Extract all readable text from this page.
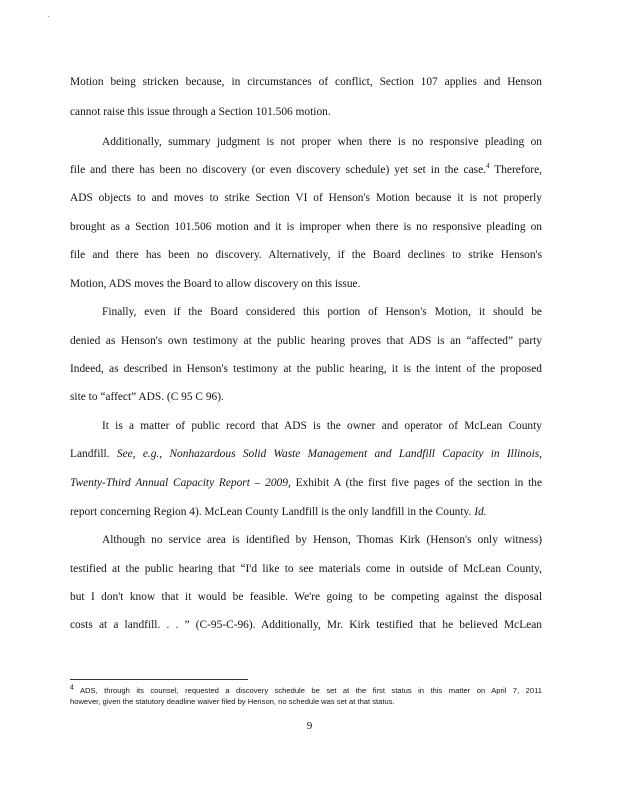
Motion being stricken because, in circumstances of conflict, Section 107 applies and Henson
cannot raise this issue through a Section 101.506 motion.
Additionally, summary judgment is not proper when there is no responsive pleading on
file and there has been no discovery (or even discovery schedule) yet set in the case.$^4$ Therefore,
ADS objects to and moves to strike Section VI of Henson's Motion because it is not properly
brought as a Section 101.506 motion and it is improper when there is no responsive pleading on
file and there has been no discovery. Alternatively, if the Board declines to strike Henson's
Motion, ADS moves the Board to allow discovery on this issue.
Finally, even if the Board considered this portion of Henson's Motion, it should be
denied as Henson's own testimony at the public hearing proves that ADS is an “affected” party
Indeed, as described in Henson's testimony at the public hearing, it is the intent of the proposed
site to “affect” ADS. (C 95 C 96).
It is a matter of public record that ADS is the owner and operator of McLean County
Landfill. See, e.g., Nonhazardous Solid Waste Management and Landfill Capacity in Illinois,
Twenty-Third Annual Capacity Report – 2009, Exhibit A (the first five pages of the section in the
report concerning Region 4). McLean County Landfill is the only landfill in the County. Id.
Although no service area is identified by Henson, Thomas Kirk (Henson's only witness)
testified at the public hearing that “I'd like to see materials come in outside of McLean County,
but I don't know that it would be feasible. We're going to be competing against the disposal
costs at a landfill. . . ” (C-95-C-96). Additionally, Mr. Kirk testified that he believed McLean
$^4$ ADS, through its counsel, requested a discovery schedule be set at the first status in this matter on April 7, 2011
however, given the statutory deadline waiver filed by Henson, no schedule was set at that status.
9
